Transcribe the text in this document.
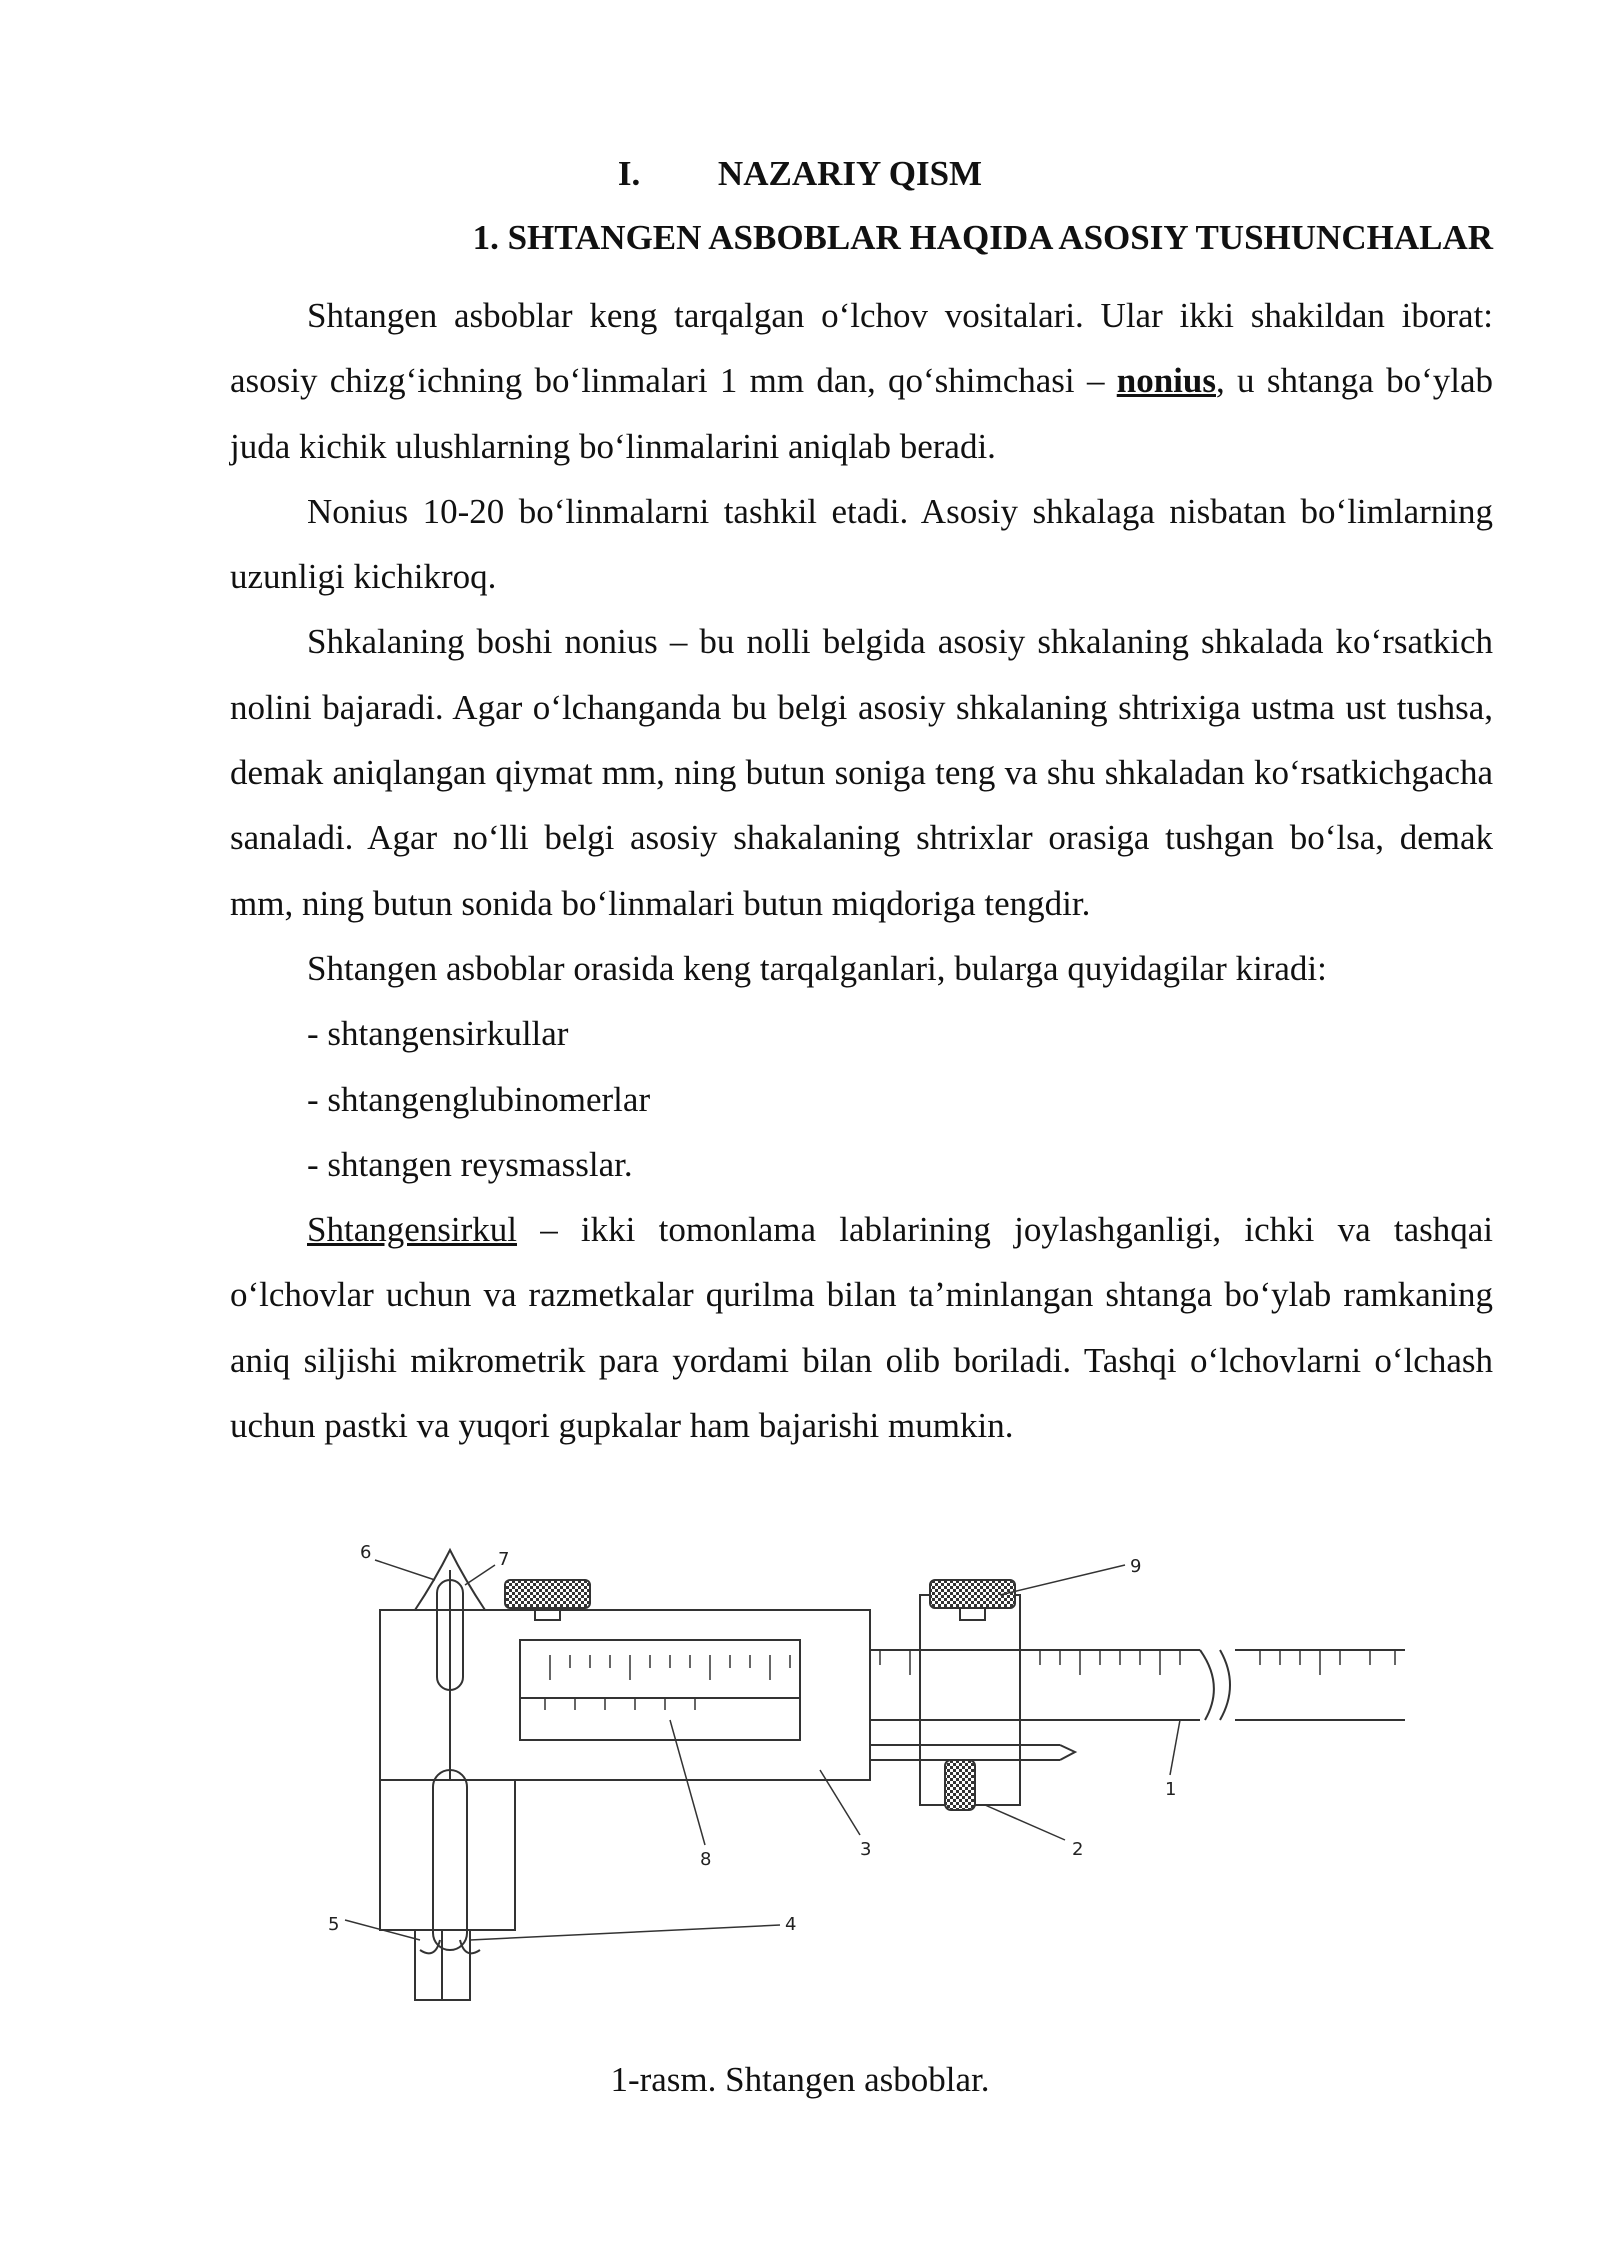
I. NAZARIY QISM
1. SHTANGEN ASBOBLAR HAQIDA ASOSIY TUSHUNCHALAR

Shtangen asboblar keng tarqalgan oʻlchov vositalari. Ular ikki shakildan iborat: asosiy chizgʻichning boʻlinmalari 1 mm dan, qoʻshimchasi – nonius, u shtanga boʻylab juda kichik ulushlarning boʻlinmalarini aniqlab beradi.

Nonius 10-20 boʻlinmalarni tashkil etadi. Asosiy shkalaga nisbatan boʻlimlarning uzunligi kichikroq.

Shkalaning boshi nonius – bu nolli belgida asosiy shkalaning shkalada koʻrsatkich nolini bajaradi. Agar oʻlchanganda bu belgi asosiy shkalaning shtrixiga ustma ust tushsa, demak aniqlangan qiymat mm, ning butun soniga teng va shu shkaladan koʻrsatkichgacha sanaladi. Agar noʻlli belgi asosiy shakalaning shtrixlar orasiga tushgan boʻlsa, demak mm, ning butun sonida boʻlinmalari butun miqdoriga tengdir.

Shtangen asboblar orasida keng tarqalganlari, bularga quyidagilar kiradi:

- shtangensirkullar

- shtangenglubinomerlar

- shtangen reysmasslar.

Shtangensirkul – ikki tomonlama lablarining joylashganligi, ichki va tashqai oʻlchovlar uchun va razmetkalar qurilma bilan taʼminlangan shtanga boʻylab ramkaning aniq siljishi mikrometrik para yordami bilan olib boriladi. Tashqi oʻlchovlarni oʻlchash uchun pastki va yuqori gupkalar ham bajarishi mumkin.

6	7	9
1
2
3
8
4
5
1-rasm. Shtangen asboblar.
